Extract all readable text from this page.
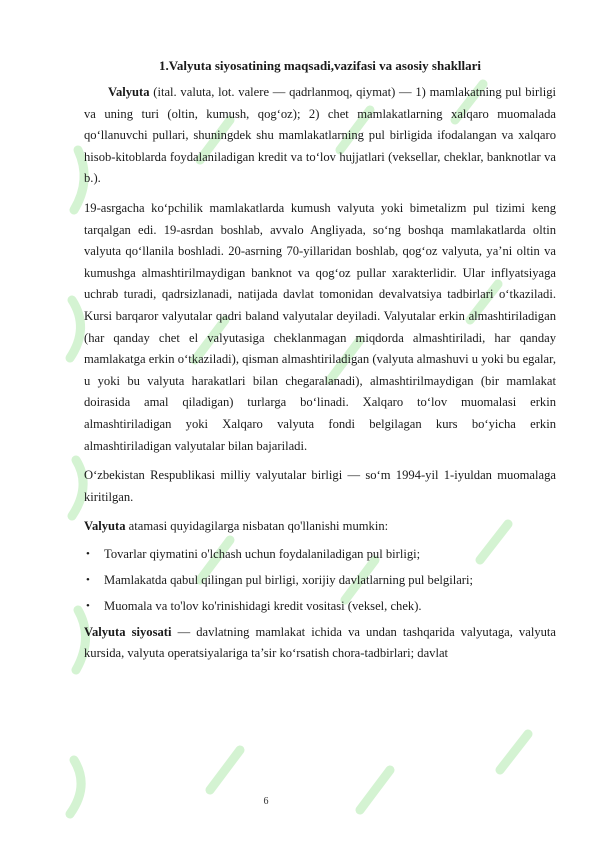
1.Valyuta siyosatining maqsadi,vazifasi va asosiy shakllari

Valyuta (ital. valuta, lot. valere — qadrlanmoq, qiymat) — 1) mamlakatning pul birligi va uning turi (oltin, kumush, qog‘oz); 2) chet mamlakatlarning xalqaro muomalada qo‘llanuvchi pullari, shuningdek shu mamlakatlarning pul birligida ifodalangan va xalqaro hisob-kitoblarda foydalaniladigan kredit va to‘lov hujjatlari (veksellar, cheklar, banknotlar va b.).

19-asrgacha ko‘pchilik mamlakatlarda kumush valyuta yoki bimetalizm pul tizimi keng tarqalgan edi. 19-asrdan boshlab, avvalo Angliyada, so‘ng boshqa mamlakatlarda oltin valyuta qo‘llanila boshladi. 20-asrning 70-yillaridan boshlab, qog‘oz valyuta, ya’ni oltin va kumushga almashtirilmaydigan banknot va qog‘oz pullar xarakterlidir. Ular inflyatsiyaga uchrab turadi, qadrsizlanadi, natijada davlat tomonidan devalvatsiya tadbirlari o‘tkaziladi. Kursi barqaror valyutalar qadri baland valyutalar deyiladi. Valyutalar erkin almashtiriladigan (har qanday chet el valyutasiga cheklanmagan miqdorda almashtiriladi, har qanday mamlakatga erkin o‘tkaziladi), qisman almashtiriladigan (valyuta almashuvi u yoki bu egalar, u yoki bu valyuta harakatlari bilan chegaralanadi), almashtirilmaydigan (bir mamlakat doirasida amal qiladigan) turlarga bo‘linadi. Xalqaro to‘lov muomalasi erkin almashtiriladigan yoki Xalqaro valyuta fondi belgilagan kurs bo‘yicha erkin almashtiriladigan valyutalar bilan bajariladi.

O‘zbekistan Respublikasi milliy valyutalar birligi — so‘m 1994-yil 1-iyuldan muomalaga kiritilgan.

Valyuta atamasi quyidagilarga nisbatan qo'llanishi mumkin:

• Tovarlar qiymatini o'lchash uchun foydalaniladigan pul birligi;
• Mamlakatda qabul qilingan pul birligi, xorijiy davlatlarning pul belgilari;
• Muomala va to'lov ko'rinishidagi kredit vositasi (veksel, chek).

Valyuta siyosati — davlatning mamlakat ichida va undan tashqarida valyutaga, valyuta kursida, valyuta operatsiyalariga ta’sir ko‘rsatish chora-tadbirlari; davlat

6
